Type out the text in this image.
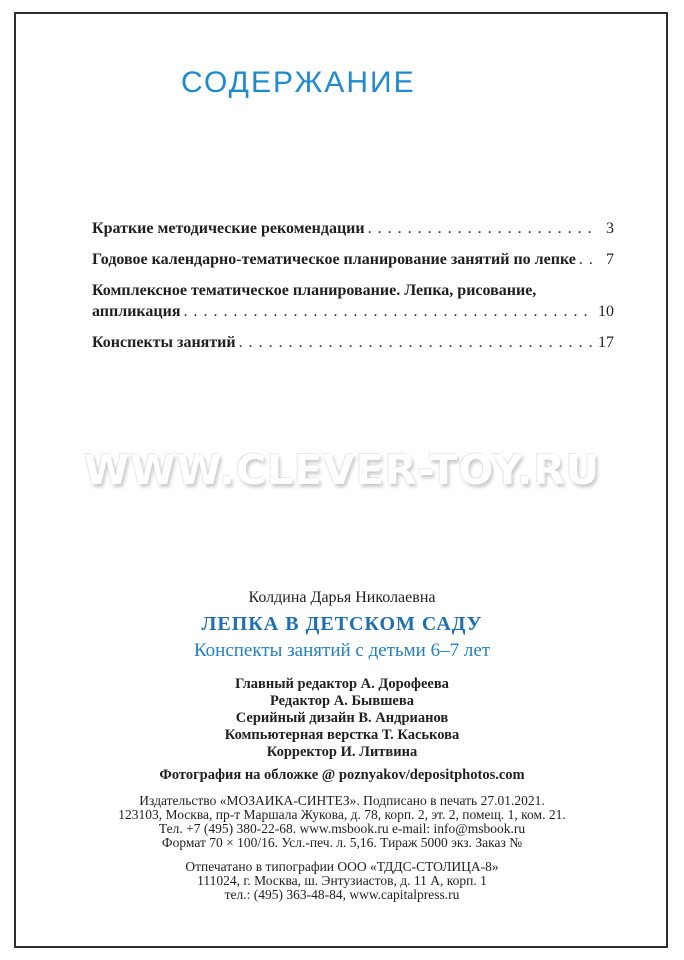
СОДЕРЖАНИЕ
Краткие методические рекомендации . . .	3
Годовое календарно-тематическое планирование занятий по лепке . . .	7
Комплексное тематическое планирование. Лепка, рисование,
аппликация . . .	10
Конспекты занятий . . .	17
WWW.CLEVER-TOY.RU
Колдина Дарья Николаевна
ЛЕПКА В ДЕТСКОМ САДУ
Конспекты занятий с детьми 6–7 лет
Главный редактор А. Дорофеева
Редактор А. Бывшева
Серийный дизайн В. Андрианов
Компьютерная верстка Т. Каськова
Корректор И. Литвина
Фотография на обложке @ poznyakov/depositphotos.com
Издательство «МОЗАИКА-СИНТЕЗ». Подписано в печать 27.01.2021.
123103, Москва, пр-т Маршала Жукова, д. 78, корп. 2, эт. 2, помещ. 1, ком. 21.
Тел. +7 (495) 380-22-68. www.msbook.ru e-mail: info@msbook.ru
Формат 70 × 100/16. Усл.-печ. л. 5,16. Тираж 5000 экз. Заказ №
Отпечатано в типографии ООО «ТДДС-СТОЛИЦА-8»
111024, г. Москва, ш. Энтузиастов, д. 11 А, корп. 1
тел.: (495) 363-48-84, www.capitalpress.ru
